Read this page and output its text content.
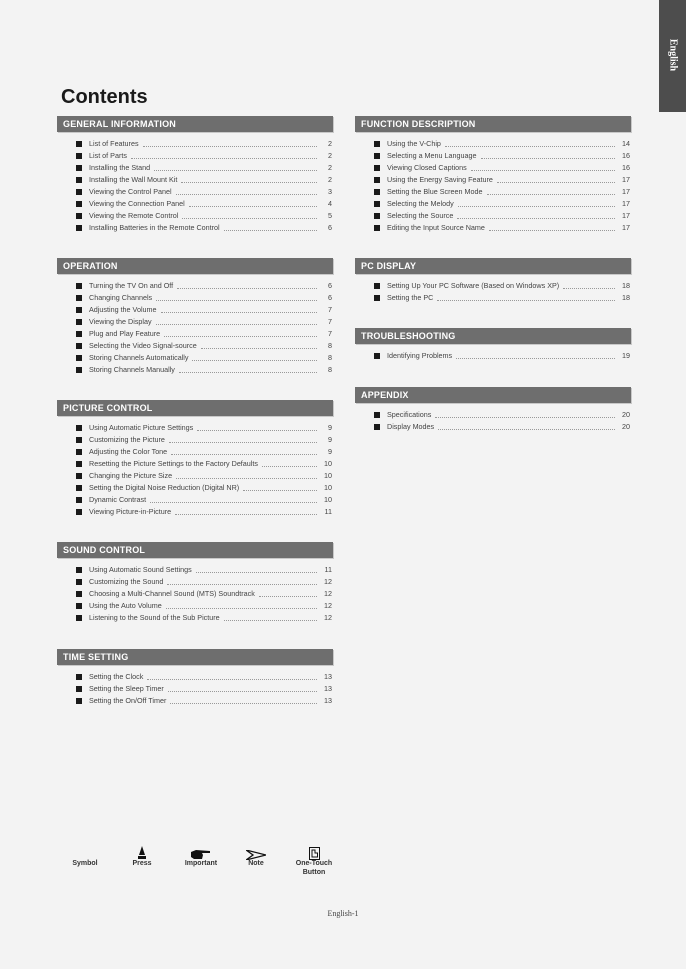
English
Contents
GENERAL INFORMATION
List of Features	2
List of Parts	2
Installing the Stand	2
Installing the Wall Mount Kit	2
Viewing the Control Panel	3
Viewing the Connection Panel	4
Viewing the Remote Control	5
Installing Batteries in the Remote Control	6
OPERATION
Turning the TV On and Off	6
Changing Channels	6
Adjusting the Volume	7
Viewing the Display	7
Plug and Play Feature	7
Selecting the Video Signal-source	8
Storing Channels Automatically	8
Storing Channels Manually	8
PICTURE CONTROL
Using Automatic Picture Settings	9
Customizing the Picture	9
Adjusting the Color Tone	9
Resetting the Picture Settings to the Factory Defaults	10
Changing the Picture Size	10
Setting the Digital Noise Reduction (Digital NR)	10
Dynamic Contrast	10
Viewing Picture-in-Picture	11
SOUND CONTROL
Using Automatic Sound Settings	11
Customizing the Sound	12
Choosing a Multi-Channel Sound (MTS) Soundtrack	12
Using the Auto Volume	12
Listening to the Sound of the Sub Picture	12
TIME SETTING
Setting the Clock	13
Setting the Sleep Timer	13
Setting the On/Off Timer	13
FUNCTION DESCRIPTION
Using the V-Chip	14
Selecting a Menu Language	16
Viewing Closed Captions	16
Using the Energy Saving Feature	17
Setting the Blue Screen Mode	17
Selecting the Melody	17
Selecting the Source	17
Editing the Input Source Name	17
PC DISPLAY
Setting Up Your PC Software (Based on Windows XP)	18
Setting the PC	18
TROUBLESHOOTING
Identifying Problems	19
APPENDIX
Specifications	20
Display Modes	20
Symbol	Press	Important	Note	One-Touch
Button
English-1
